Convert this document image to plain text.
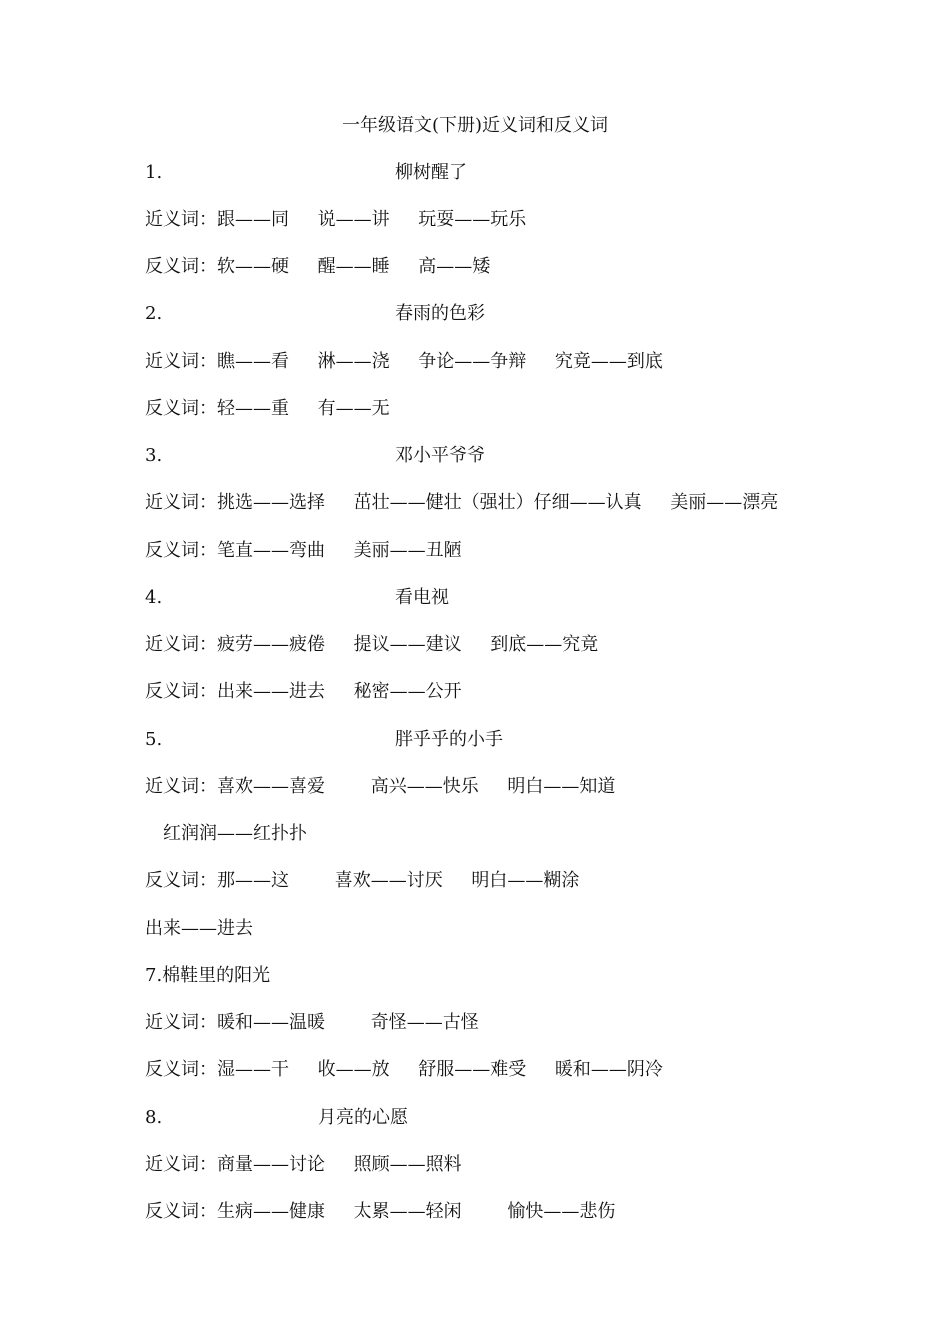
一年级语文(下册)近义词和反义词
1.	柳树醒了
近义词：跟——同     说——讲     玩耍——玩乐
反义词：软——硬     醒——睡     高——矮
2.	春雨的色彩
近义词：瞧——看     淋——浇     争论——争辩     究竟——到底
反义词：轻——重     有——无
3.	邓小平爷爷
近义词：挑选——选择     茁壮——健壮（强壮）仔细——认真     美丽——漂亮
反义词：笔直——弯曲     美丽——丑陋
4.	看电视
近义词：疲劳——疲倦     提议——建议     到底——究竟
反义词：出来——进去     秘密——公开
5.	胖乎乎的小手
近义词：喜欢——喜爱        高兴——快乐     明白——知道
红润润——红扑扑
反义词：那——这        喜欢——讨厌     明白——糊涂
出来——进去
7.棉鞋里的阳光
近义词：暖和——温暖        奇怪——古怪
反义词：湿——干     收——放     舒服——难受     暖和——阴冷
8.	月亮的心愿
近义词：商量——讨论     照顾——照料
反义词：生病——健康     太累——轻闲        愉快——悲伤
